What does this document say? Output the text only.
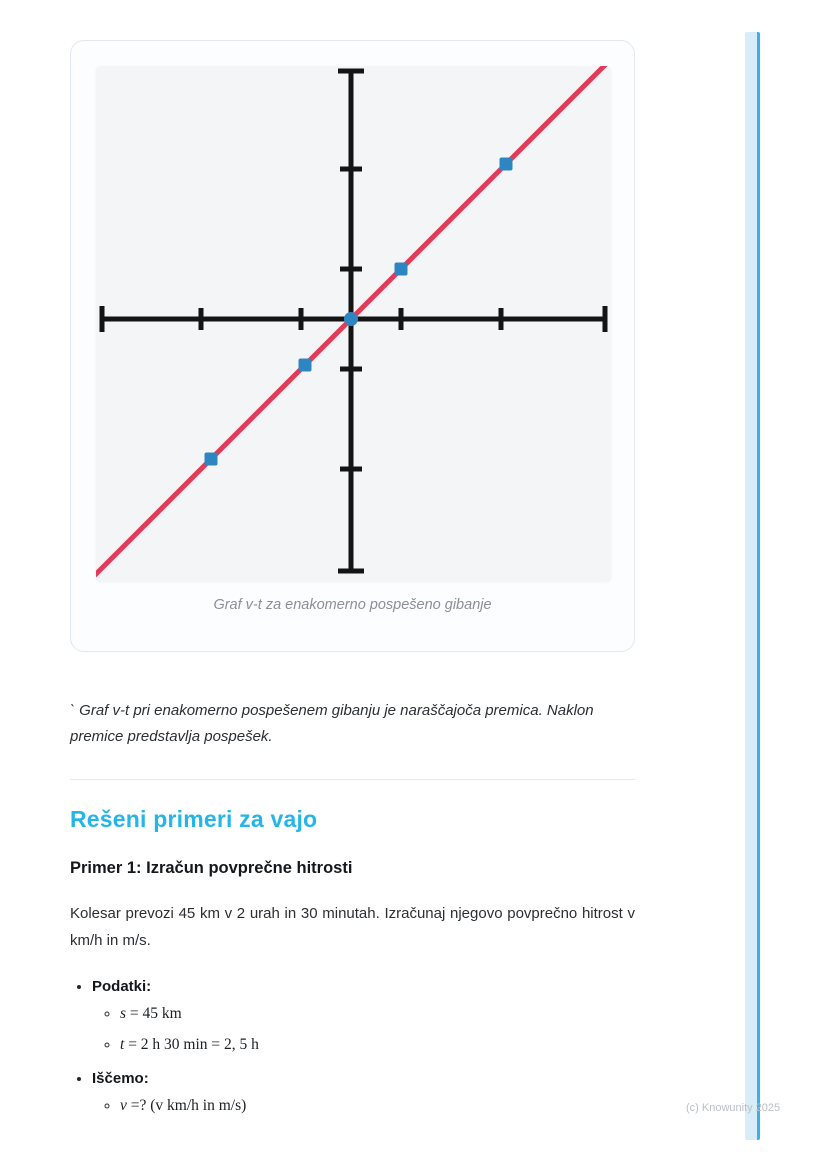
Graf v-t za enakomerno pospešeno gibanje

` Graf v-t pri enakomerno pospešenem gibanju je naraščajoča premica. Naklon premice predstavlja pospešek.

Rešeni primeri za vajo
Primer 1: Izračun povprečne hitrosti

Kolesar prevozi 45 km v 2 urah in 30 minutah. Izračunaj njegovo povprečno hitrost v km/h in m/s.

• Podatki:
◦ s = 45 km
◦ t = 2 h 30 min = 2, 5 h
• Iščemo:
◦ v =? (v km/h in m/s)	(c) Knowunity 2025
